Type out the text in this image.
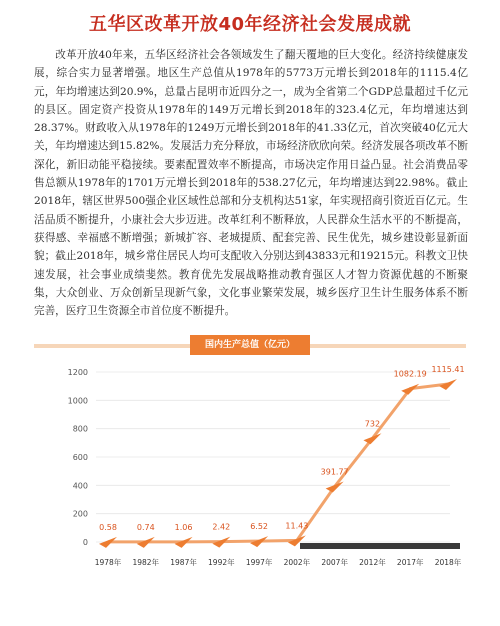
五华区改革开放40年经济社会发展成就

改革开放40年来，五华区经济社会各领域发生了翻天覆地的巨大变化。经济持续健康发展，综合实力显著增强。地区生产总值从1978年的5773万元增长到2018年的1115.4亿元，年均增速达到20.9%，总量占昆明市近四分之一，成为全省第二个GDP总量超过千亿元的县区。固定资产投资从1978年的149万元增长到2018年的323.4亿元，年均增速达到28.37%。财政收入从1978年的1249万元增长到2018年的41.33亿元，首次突破40亿元大关，年均增速达到15.82%。发展活力充分释放，市场经济欣欣向荣。经济发展各项改革不断深化，新旧动能平稳接续。要素配置效率不断提高，市场决定作用日益凸显。社会消费品零售总额从1978年的1701万元增长到2018年的538.27亿元，年均增速达到22.98%。截止2018年，辖区世界500强企业区域性总部和分支机构达51家，年实现招商引资近百亿元。生活品质不断提升，小康社会大步迈进。改革红利不断释放，人民群众生活水平的不断提高，获得感、幸福感不断增强；新城扩容、老城提质、配套完善、民生优先，城乡建设彰显新面貌；截止2018年，城乡常住居民人均可支配收入分别达到43833元和19215元。科教文卫快速发展，社会事业成绩斐然。教育优先发展战略推动教育强区人才智力资源优越的不断聚集，大众创业、万众创新呈现新气象，文化事业繁荣发展，城乡医疗卫生计生服务体系不断完善，医疗卫生资源全市首位度不断提升。

国内生产总值（亿元）
0
200
400
600
800
1000
1200
0.58
1978年
0.74
1982年
1.06
1987年
2.42
1992年
6.52
1997年
11.43
2002年
391.77
2007年
732
2012年
1082.19
2017年
1115.41
2018年
